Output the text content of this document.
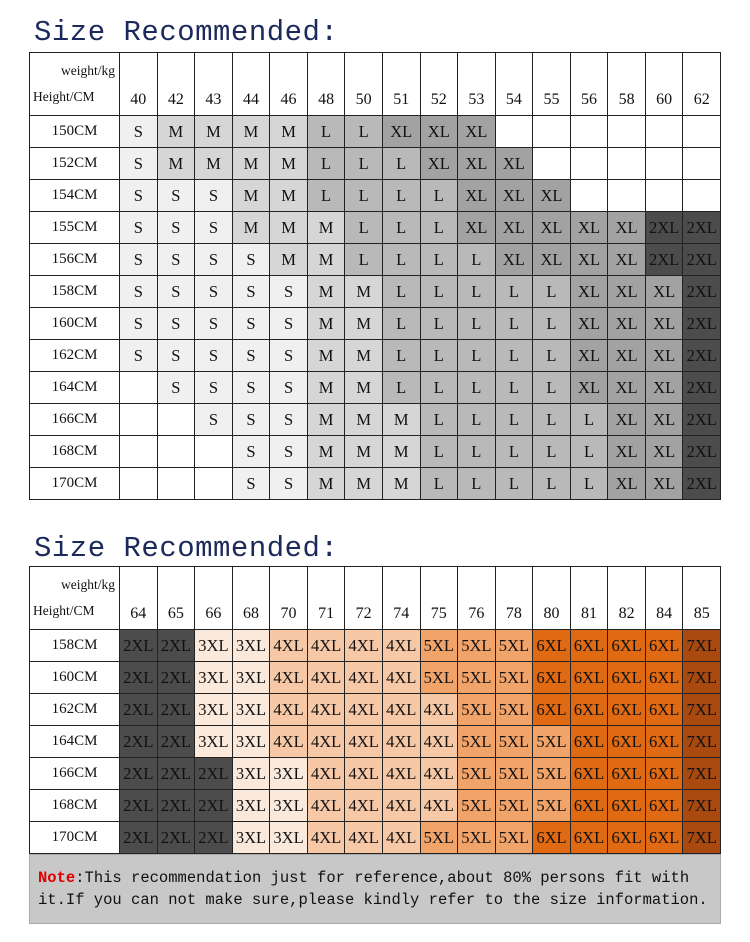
Size Recommended:
weight/kg
Height/CM	40	42	43	44	46	48	50	51	52	53	54	55	56	58	60	62
150CM	S	M	M	M	M	L	L	XL	XL	XL						
152CM	S	M	M	M	M	L	L	L	XL	XL	XL					
154CM	S	S	S	M	M	L	L	L	L	XL	XL	XL				
155CM	S	S	S	M	M	M	L	L	L	XL	XL	XL	XL	XL	2XL	2XL
156CM	S	S	S	S	M	M	L	L	L	L	XL	XL	XL	XL	2XL	2XL
158CM	S	S	S	S	S	M	M	L	L	L	L	L	XL	XL	XL	2XL
160CM	S	S	S	S	S	M	M	L	L	L	L	L	XL	XL	XL	2XL
162CM	S	S	S	S	S	M	M	L	L	L	L	L	XL	XL	XL	2XL
164CM		S	S	S	S	M	M	L	L	L	L	L	XL	XL	XL	2XL
166CM			S	S	S	M	M	M	L	L	L	L	L	XL	XL	2XL
168CM				S	S	M	M	M	L	L	L	L	L	XL	XL	2XL
170CM				S	S	M	M	M	L	L	L	L	L	XL	XL	2XL
Size Recommended:
weight/kg
Height/CM	64	65	66	68	70	71	72	74	75	76	78	80	81	82	84	85
158CM	2XL	2XL	3XL	3XL	4XL	4XL	4XL	4XL	5XL	5XL	5XL	6XL	6XL	6XL	6XL	7XL
160CM	2XL	2XL	3XL	3XL	4XL	4XL	4XL	4XL	5XL	5XL	5XL	6XL	6XL	6XL	6XL	7XL
162CM	2XL	2XL	3XL	3XL	4XL	4XL	4XL	4XL	4XL	5XL	5XL	6XL	6XL	6XL	6XL	7XL
164CM	2XL	2XL	3XL	3XL	4XL	4XL	4XL	4XL	4XL	5XL	5XL	5XL	6XL	6XL	6XL	7XL
166CM	2XL	2XL	2XL	3XL	3XL	4XL	4XL	4XL	4XL	5XL	5XL	5XL	6XL	6XL	6XL	7XL
168CM	2XL	2XL	2XL	3XL	3XL	4XL	4XL	4XL	4XL	5XL	5XL	5XL	6XL	6XL	6XL	7XL
170CM	2XL	2XL	2XL	3XL	3XL	4XL	4XL	4XL	5XL	5XL	5XL	6XL	6XL	6XL	6XL	7XL
Note:This recommendation just for reference,about 80% persons fit with it.If you can not make sure,please kindly refer to the size information.
